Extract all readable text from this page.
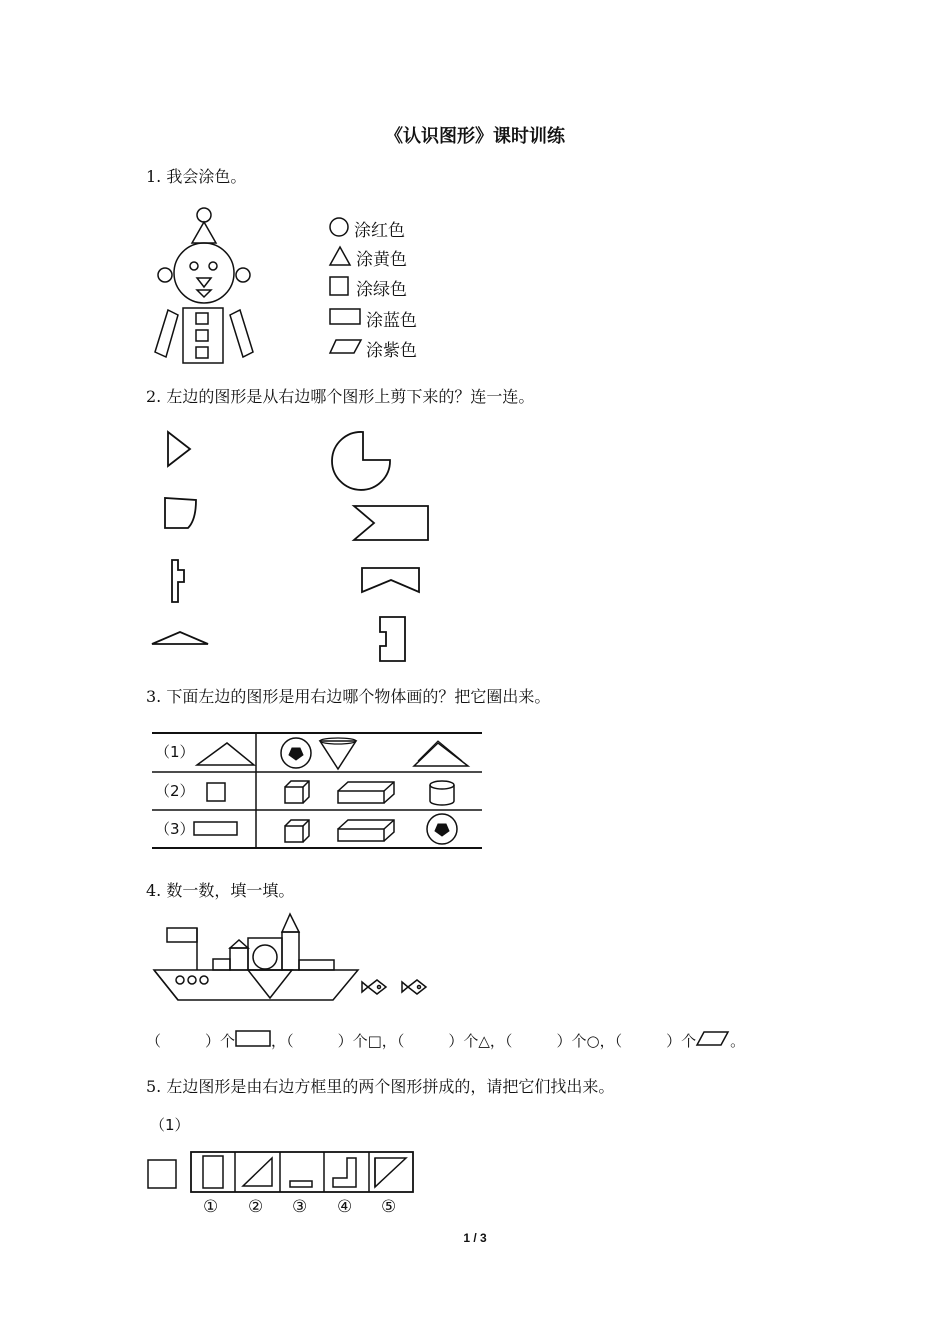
《认识图形》课时训练
1. 我会涂色。
涂红色
涂黄色
涂绿色
涂蓝色
涂紫色
2. 左边的图形是从右边哪个图形上剪下来的？连一连。
3. 下面左边的图形是用右边哪个物体画的？把它圈出来。
（1）
（2）
（3）
4. 数一数，填一填。
（	）个 ，（	）个□，（	）个△，（	）个○，（	）个 。
5. 左边图形是由右边方框里的两个图形拼成的，请把它们找出来。
（1）
① ② ③ ④ ⑤
1 / 3
